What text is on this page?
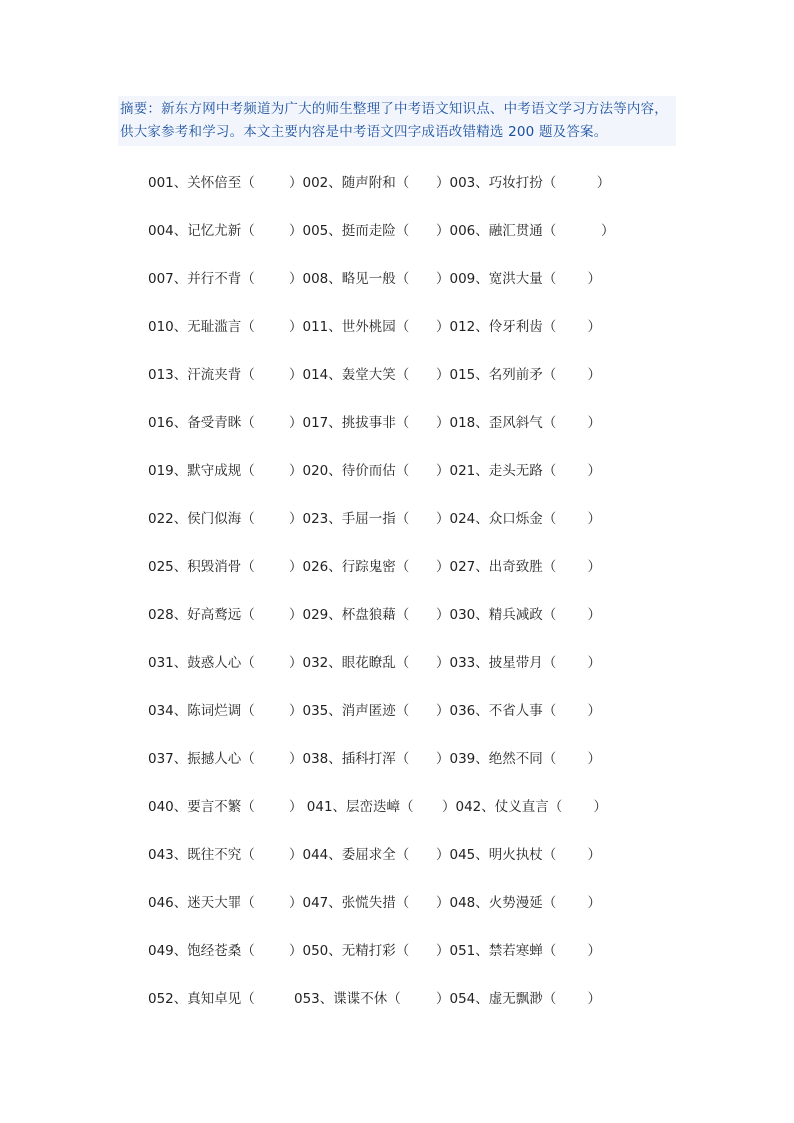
摘要：新东方网中考频道为广大的师生整理了中考语文知识点、中考语文学习方法等内容，供大家参考和学习。本文主要内容是中考语文四字成语改错精选 200 题及答案。
001、关怀倍至（	）002、随声附和（ ）003、巧妆打扮（　　　）
004、记忆尤新（	）005、挺而走险（ ）006、融汇贯通（　　　 ）
007、并行不背（	）008、略见一般（ ）009、宽洪大量（　　 ）
010、无耻滥言（	）011、世外桃园（ ）012、伶牙利齿（　　 ）
013、汗流夹背（	）014、轰堂大笑（ ）015、名列前矛（　　 ）
016、备受青眯（	）017、挑拔事非（ ）018、歪风斜气（　　 ）
019、默守成规（	）020、待价而估（ ）021、走头无路（　　 ）
022、侯门似海（	）023、手屈一指（ ）024、众口烁金（　　 ）
025、积毁消骨（	）026、行踪鬼密（ ）027、出奇致胜（　　 ）
028、好高鹜远（	）029、杯盘狼藉（ ）030、精兵减政（　　 ）
031、鼓惑人心（	）032、眼花瞭乱（ ）033、披星带月（　　 ）
034、陈词烂调（	）035、消声匿迹（ ）036、不省人事（　　 ）
037、振撼人心（	）038、插科打浑（ ）039、绝然不同（　　 ）
040、要言不繁（	） 041、层峦迭嶂（ ）042、仗义直言（　　 ）
043、既往不究（	）044、委屈求全（ ）045、明火执杖（　　 ）
046、迷天大罪（	）047、张慌失措（ ）048、火势漫延（　　 ）
049、饱经苍桑（	）050、无精打彩（ ）051、禁若寒蝉（　　 ）
052、真知卓见（	053、谍谍不休（	）054、虚无飘渺（　　 ）
